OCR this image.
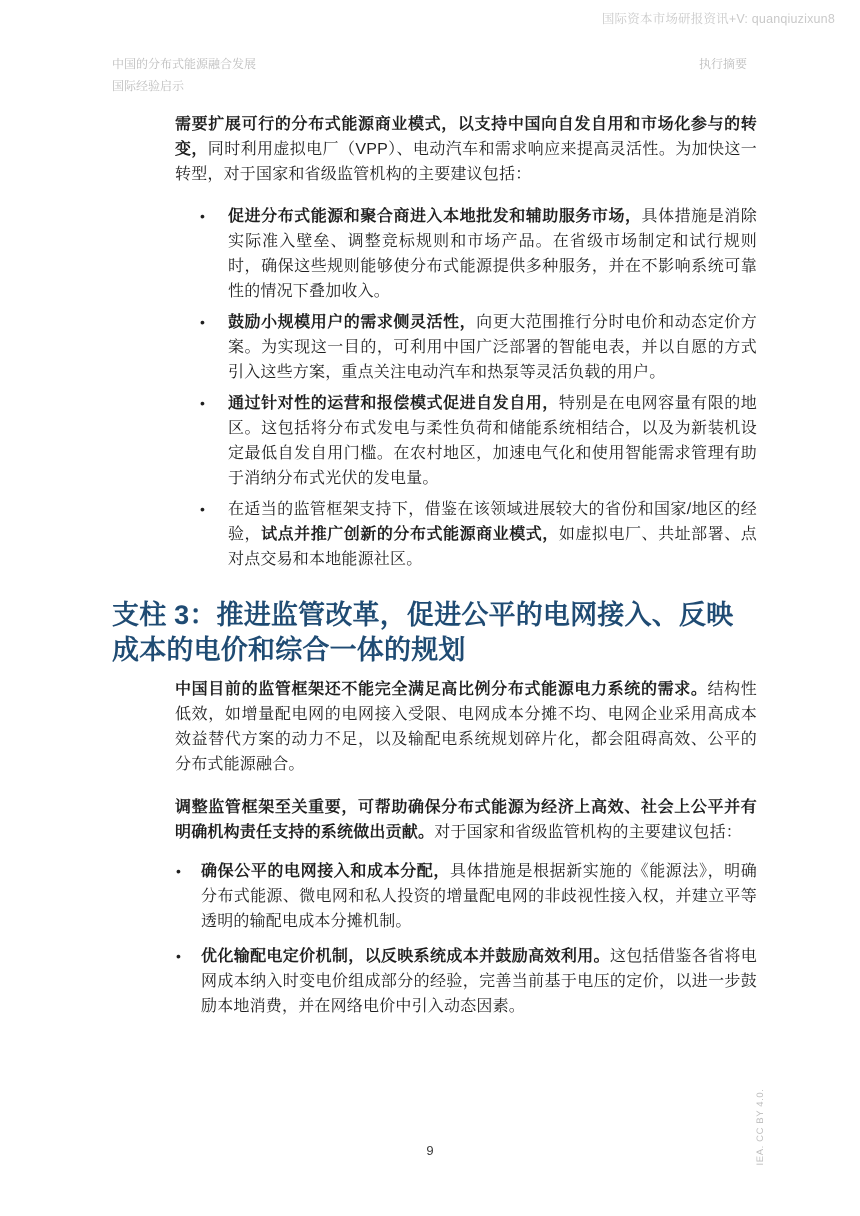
国际资本市场研报资讯+V: quanqiuzixun8
中国的分布式能源融合发展
国际经验启示
执行摘要

需要扩展可行的分布式能源商业模式，以支持中国向自发自用和市场化参与的转变，同时利用虚拟电厂（VPP）、电动汽车和需求响应来提高灵活性。为加快这一转型，对于国家和省级监管机构的主要建议包括：

•	促进分布式能源和聚合商进入本地批发和辅助服务市场，具体措施是消除实际准入壁垒、调整竞标规则和市场产品。在省级市场制定和试行规则时，确保这些规则能够使分布式能源提供多种服务，并在不影响系统可靠性的情况下叠加收入。
•	鼓励小规模用户的需求侧灵活性，向更大范围推行分时电价和动态定价方案。为实现这一目的，可利用中国广泛部署的智能电表，并以自愿的方式引入这些方案，重点关注电动汽车和热泵等灵活负载的用户。
•	通过针对性的运营和报偿模式促进自发自用，特别是在电网容量有限的地区。这包括将分布式发电与柔性负荷和储能系统相结合，以及为新装机设定最低自发自用门槛。在农村地区，加速电气化和使用智能需求管理有助于消纳分布式光伏的发电量。
•	在适当的监管框架支持下，借鉴在该领域进展较大的省份和国家/地区的经验，试点并推广创新的分布式能源商业模式，如虚拟电厂、共址部署、点对点交易和本地能源社区。
支柱 3：推进监管改革，促进公平的电网接入、反映成本的电价和综合一体的规划

中国目前的监管框架还不能完全满足高比例分布式能源电力系统的需求。结构性低效，如增量配电网的电网接入受限、电网成本分摊不均、电网企业采用高成本效益替代方案的动力不足，以及输配电系统规划碎片化，都会阻碍高效、公平的分布式能源融合。

调整监管框架至关重要，可帮助确保分布式能源为经济上高效、社会上公平并有明确机构责任支持的系统做出贡献。对于国家和省级监管机构的主要建议包括：

•	确保公平的电网接入和成本分配，具体措施是根据新实施的《能源法》，明确分布式能源、微电网和私人投资的增量配电网的非歧视性接入权，并建立平等透明的输配电成本分摊机制。
•	优化输配电定价机制，以反映系统成本并鼓励高效利用。这包括借鉴各省将电网成本纳入时变电价组成部分的经验，完善当前基于电压的定价，以进一步鼓励本地消费，并在网络电价中引入动态因素。
9	IEA. CC BY 4.0.
